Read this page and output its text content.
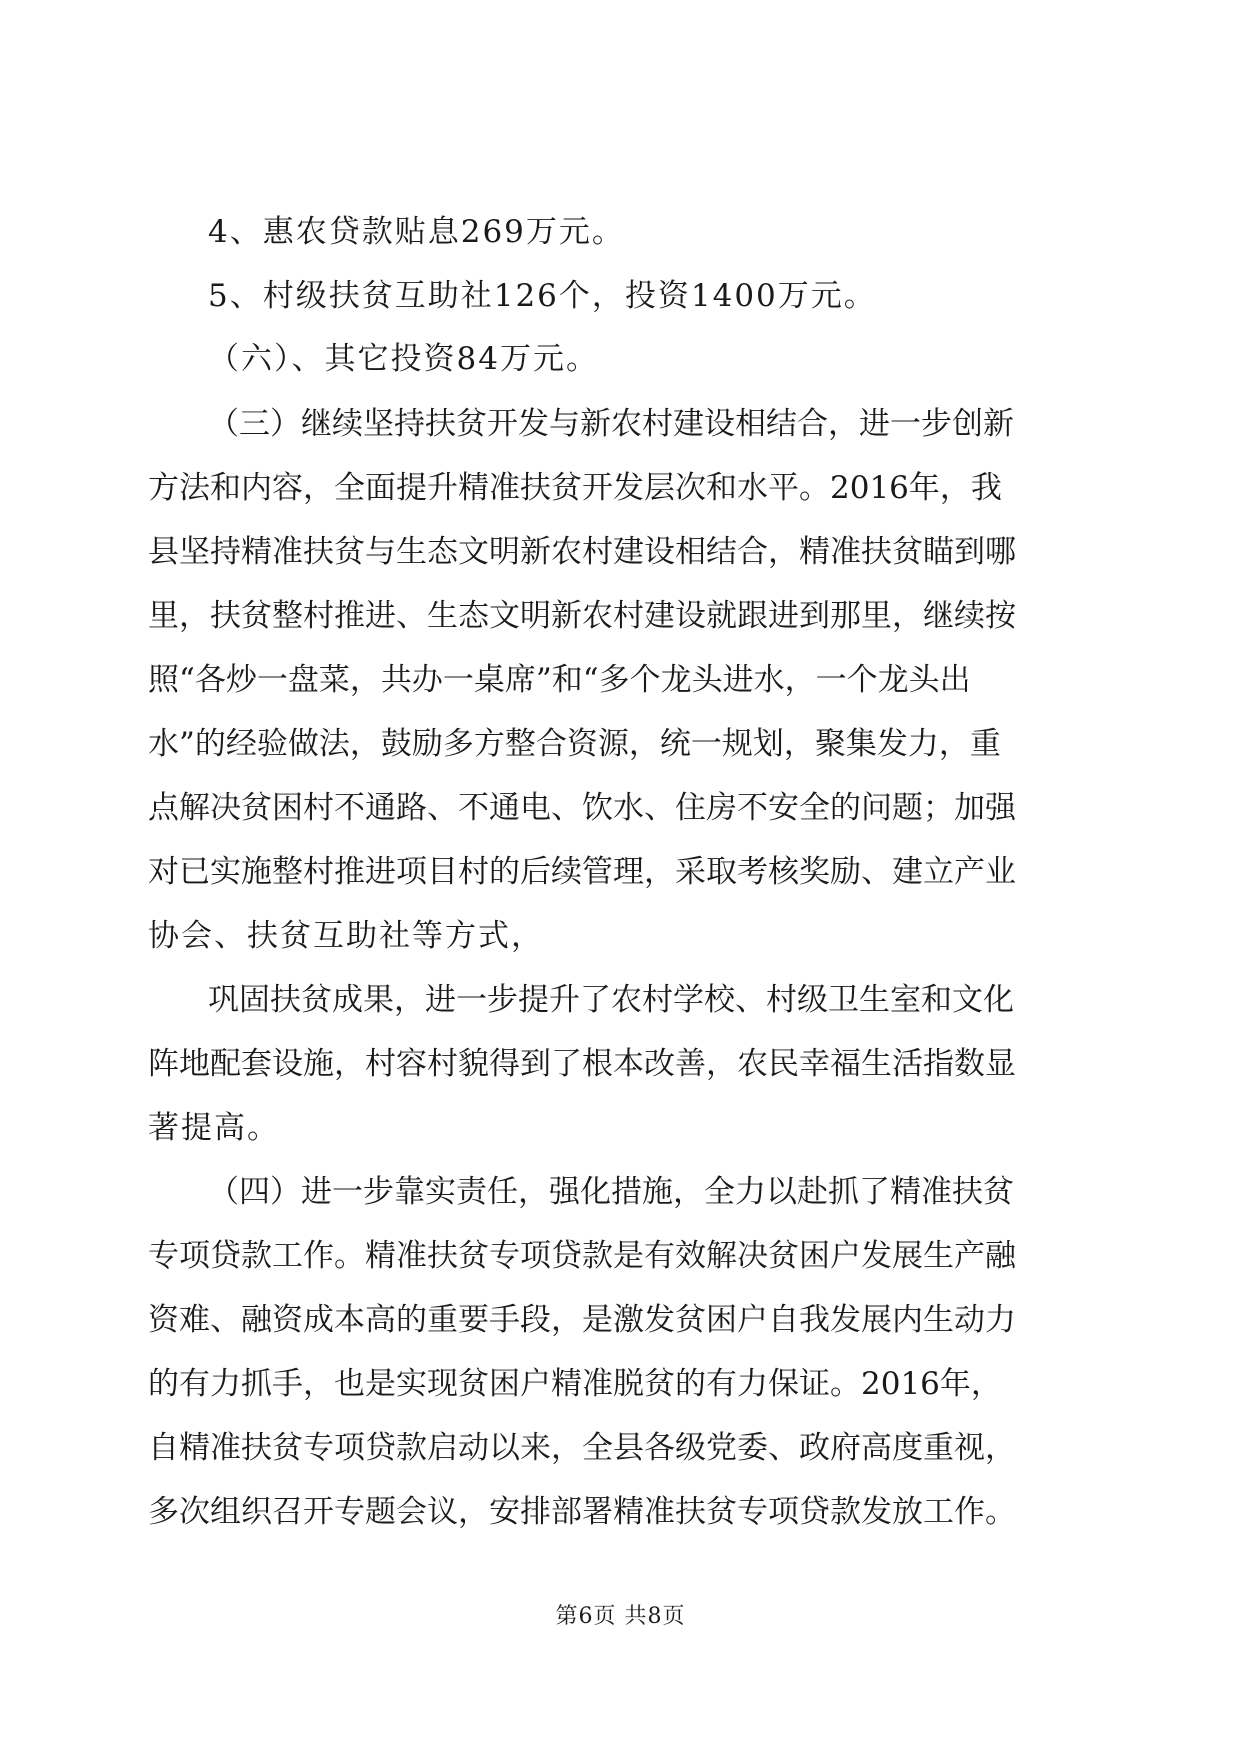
4、惠农贷款贴息269万元。
5、村级扶贫互助社126个，投资1400万元。
（六）、其它投资84万元。
（ 三 ） 继 续 坚 持 扶 贫 开 发 与 新 农 村 建 设 相 结 合 ， 进 一 步 创 新
方 法 和 内 容 ， 全 面 提 升 精 准 扶 贫 开 发 层 次 和 水 平 。 2016 年 ， 我
县 坚 持 精 准 扶 贫 与 生 态 文 明 新 农 村 建 设 相 结 合 ， 精 准 扶 贫 瞄 到 哪
里 ， 扶 贫 整 村 推 进 、 生 态 文 明 新 农 村 建 设 就 跟 进 到 那 里 ， 继 续 按
照 “ 各 炒 一 盘 菜 ， 共 办 一 桌 席 ” 和 “ 多 个 龙 头 进 水 ， 一 个 龙 头 出
水 ” 的 经 验 做 法 ， 鼓 励 多 方 整 合 资 源 ， 统 一 规 划 ， 聚 集 发 力 ， 重
点 解 决 贫 困 村 不 通 路 、 不 通 电 、 饮 水 、 住 房 不 安 全 的 问 题 ； 加 强
对 已 实 施 整 村 推 进 项 目 村 的 后 续 管 理 ， 采 取 考 核 奖 励 、 建 立 产 业
协会、扶贫互助社等方式，
巩 固 扶 贫 成 果 ， 进 一 步 提 升 了 农 村 学 校 、 村 级 卫 生 室 和 文 化
阵 地 配 套 设 施 ， 村 容 村 貌 得 到 了 根 本 改 善 ， 农 民 幸 福 生 活 指 数 显
著提高。
（ 四 ） 进 一 步 靠 实 责 任 ， 强 化 措 施 ， 全 力 以 赴 抓 了 精 准 扶 贫
专 项 贷 款 工 作 。 精 准 扶 贫 专 项 贷 款 是 有 效 解 决 贫 困 户 发 展 生 产 融
资 难 、 融 资 成 本 高 的 重 要 手 段 ， 是 激 发 贫 困 户 自 我 发 展 内 生 动 力
的 有 力 抓 手 ， 也 是 实 现 贫 困 户 精 准 脱 贫 的 有 力 保 证 。 2016 年 ，
自 精 准 扶 贫 专 项 贷 款 启 动 以 来 ， 全 县 各 级 党 委 、 政 府 高 度 重 视 ，
多 次 组 织 召 开 专 题 会 议 ， 安 排 部 署 精 准 扶 贫 专 项 贷 款 发 放 工 作 。
第6页 共8页
